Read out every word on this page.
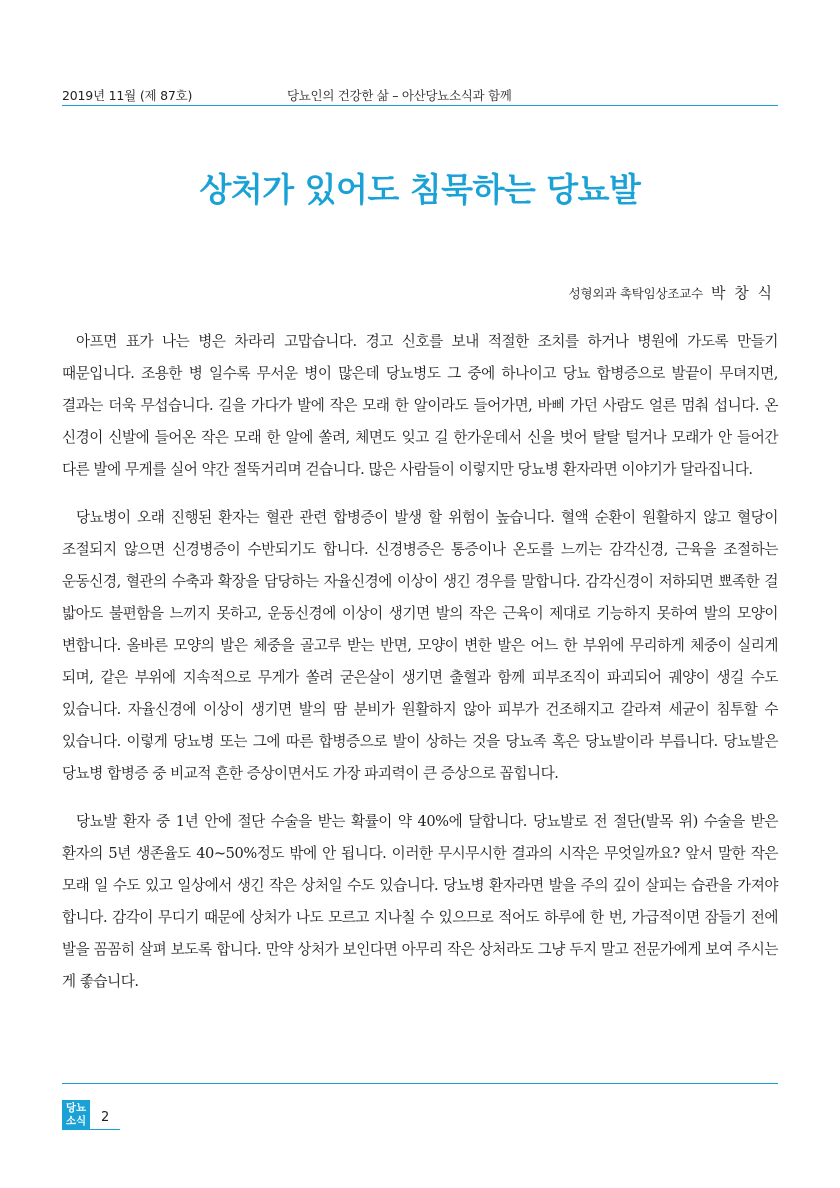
2019년 11월 (제 87호)	당뇨인의 건강한 삶 – 아산당뇨소식과 함께
상처가 있어도 침묵하는 당뇨발
성형외과 촉탁임상조교수 박 창 식

아프면 표가 나는 병은 차라리 고맙습니다. 경고 신호를 보내 적절한 조치를 하거나 병원에 가도록 만들기 때문입니다. 조용한 병 일수록 무서운 병이 많은데 당뇨병도 그 중에 하나이고 당뇨 합병증으로 발끝이 무뎌지면, 결과는 더욱 무섭습니다. 길을 가다가 발에 작은 모래 한 알이라도 들어가면, 바삐 가던 사람도 얼른 멈춰 섭니다. 온 신경이 신발에 들어온 작은 모래 한 알에 쏠려, 체면도 잊고 길 한가운데서 신을 벗어 탈탈 털거나 모래가 안 들어간 다른 발에 무게를 실어 약간 절뚝거리며 걷습니다. 많은 사람들이 이렇지만 당뇨병 환자라면 이야기가 달라집니다.

당뇨병이 오래 진행된 환자는 혈관 관련 합병증이 발생 할 위험이 높습니다. 혈액 순환이 원활하지 않고 혈당이 조절되지 않으면 신경병증이 수반되기도 합니다. 신경병증은 통증이나 온도를 느끼는 감각신경, 근육을 조절하는 운동신경, 혈관의 수축과 확장을 담당하는 자율신경에 이상이 생긴 경우를 말합니다. 감각신경이 저하되면 뾰족한 걸 밟아도 불편함을 느끼지 못하고, 운동신경에 이상이 생기면 발의 작은 근육이 제대로 기능하지 못하여 발의 모양이 변합니다. 올바른 모양의 발은 체중을 골고루 받는 반면, 모양이 변한 발은 어느 한 부위에 무리하게 체중이 실리게 되며, 같은 부위에 지속적으로 무게가 쏠려 굳은살이 생기면 출혈과 함께 피부조직이 파괴되어 궤양이 생길 수도 있습니다. 자율신경에 이상이 생기면 발의 땀 분비가 원활하지 않아 피부가 건조해지고 갈라져 세균이 침투할 수 있습니다. 이렇게 당뇨병 또는 그에 따른 합병증으로 발이 상하는 것을 당뇨족 혹은 당뇨발이라 부릅니다. 당뇨발은 당뇨병 합병증 중 비교적 흔한 증상이면서도 가장 파괴력이 큰 증상으로 꼽힙니다.

당뇨발 환자 중 1년 안에 절단 수술을 받는 확률이 약 40%에 달합니다. 당뇨발로 전 절단(발목 위) 수술을 받은 환자의 5년 생존율도 40~50%정도 밖에 안 됩니다. 이러한 무시무시한 결과의 시작은 무엇일까요? 앞서 말한 작은 모래 일 수도 있고 일상에서 생긴 작은 상처일 수도 있습니다. 당뇨병 환자라면 발을 주의 깊이 살피는 습관을 가져야 합니다. 감각이 무디기 때문에 상처가 나도 모르고 지나칠 수 있으므로 적어도 하루에 한 번, 가급적이면 잠들기 전에 발을 꼼꼼히 살펴 보도록 합니다. 만약 상처가 보인다면 아무리 작은 상처라도 그냥 두지 말고 전문가에게 보여 주시는 게 좋습니다.

당뇨
소식 2
